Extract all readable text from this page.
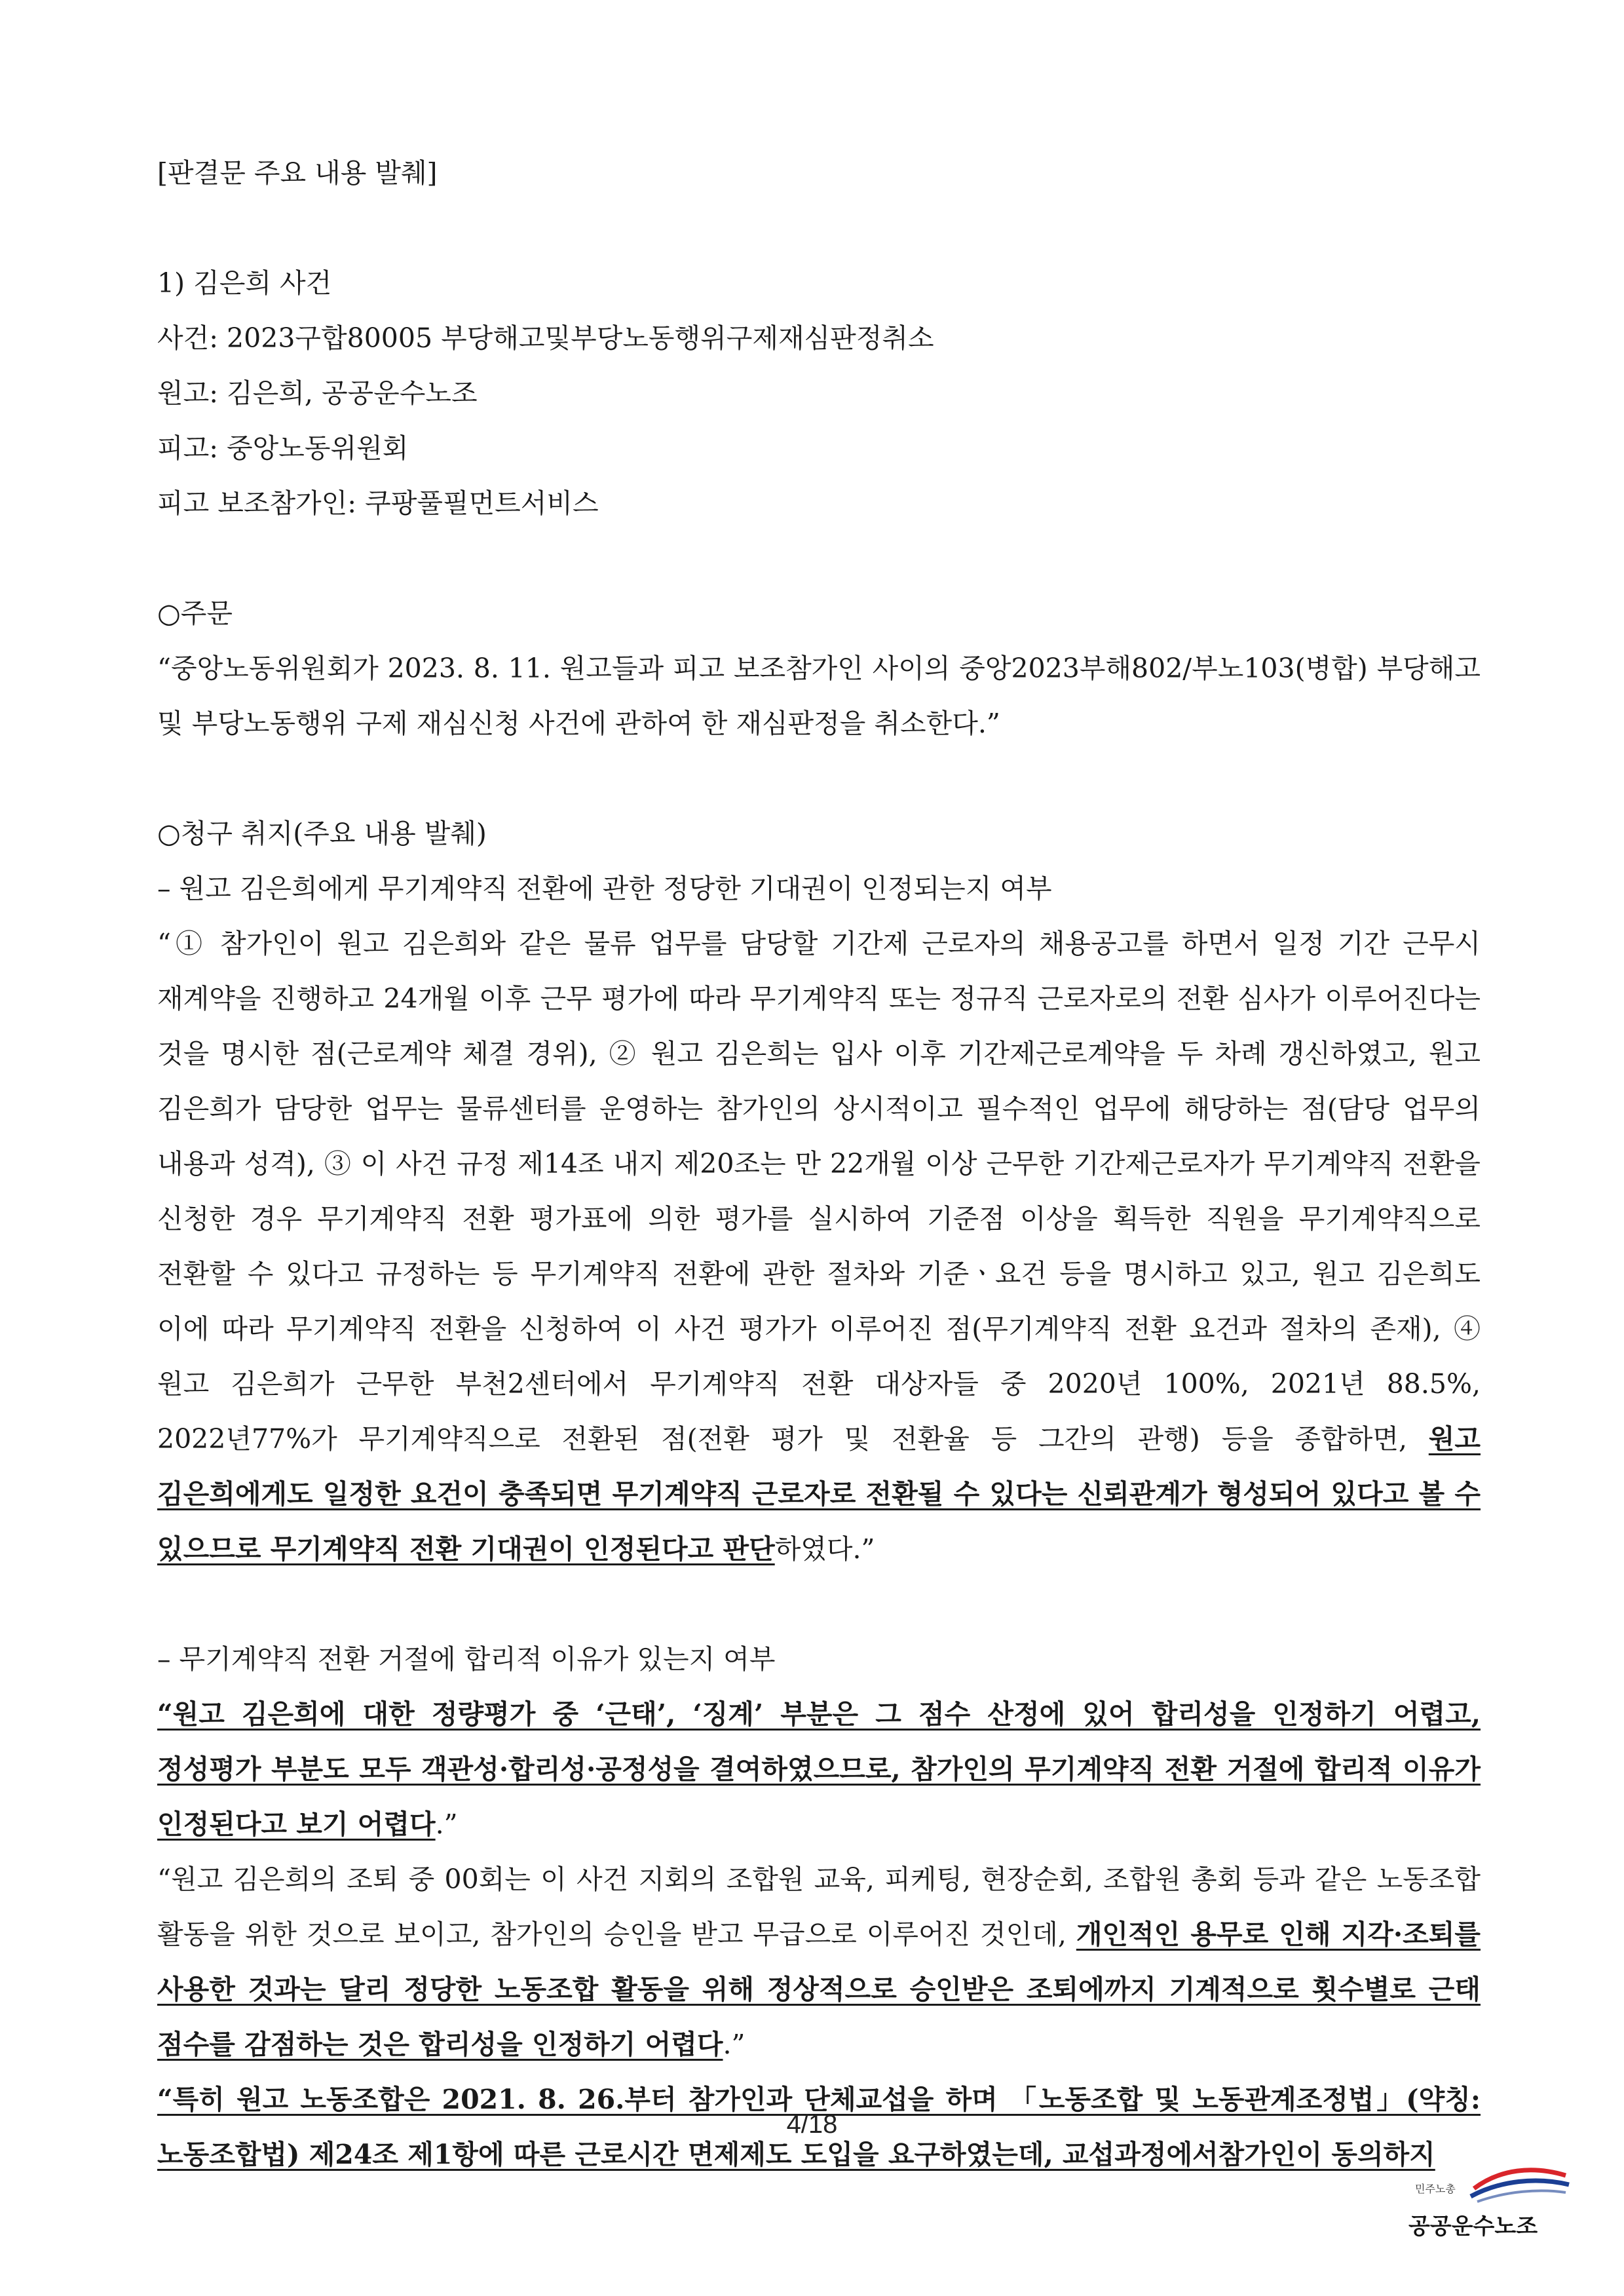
[판결문 주요 내용 발췌]

1) 김은희 사건

사건: 2023구합80005 부당해고및부당노동행위구제재심판정취소

원고: 김은희, 공공운수노조

피고: 중앙노동위원회

피고 보조참가인: 쿠팡풀필먼트서비스

○주문

“중앙노동위원회가 2023. 8. 11. 원고들과 피고 보조참가인 사이의 중앙2023부해802/부노103(병합) 부당해고 및 부당노동행위 구제 재심신청 사건에 관하여 한 재심판정을 취소한다.”

○청구 취지(주요 내용 발췌)

– 원고 김은희에게 무기계약직 전환에 관한 정당한 기대권이 인정되는지 여부

“① 참가인이 원고 김은희와 같은 물류 업무를 담당할 기간제 근로자의 채용공고를 하면서 일정 기간 근무시 재계약을 진행하고 24개월 이후 근무 평가에 따라 무기계약직 또는 정규직 근로자로의 전환 심사가 이루어진다는 것을 명시한 점(근로계약 체결 경위), ② 원고 김은희는 입사 이후 기간제근로계약을 두 차례 갱신하였고, 원고 김은희가 담당한 업무는 물류센터를 운영하는 참가인의 상시적이고 필수적인 업무에 해당하는 점(담당 업무의 내용과 성격), ③ 이 사건 규정 제14조 내지 제20조는 만 22개월 이상 근무한 기간제근로자가 무기계약직 전환을 신청한 경우 무기계약직 전환 평가표에 의한 평가를 실시하여 기준점 이상을 획득한 직원을 무기계약직으로 전환할 수 있다고 규정하는 등 무기계약직 전환에 관한 절차와 기준ㆍ요건 등을 명시하고 있고, 원고 김은희도 이에 따라 무기계약직 전환을 신청하여 이 사건 평가가 이루어진 점(무기계약직 전환 요건과 절차의 존재), ④ 원고 김은희가 근무한 부천2센터에서 무기계약직 전환 대상자들 중 2020년 100%, 2021년 88.5%, 2022년77%가 무기계약직으로 전환된 점(전환 평가 및 전환율 등 그간의 관행) 등을 종합하면, 원고 김은희에게도 일정한 요건이 충족되면 무기계약직 근로자로 전환될 수 있다는 신뢰관계가 형성되어 있다고 볼 수 있으므로 무기계약직 전환 기대권이 인정된다고 판단하였다.”

– 무기계약직 전환 거절에 합리적 이유가 있는지 여부

“원고 김은희에 대한 정량평가 중 ‘근태’, ‘징계’ 부분은 그 점수 산정에 있어 합리성을 인정하기 어렵고, 정성평가 부분도 모두 객관성·합리성·공정성을 결여하였으므로, 참가인의 무기계약직 전환 거절에 합리적 이유가 인정된다고 보기 어렵다.”

“원고 김은희의 조퇴 중 00회는 이 사건 지회의 조합원 교육, 피케팅, 현장순회, 조합원 총회 등과 같은 노동조합 활동을 위한 것으로 보이고, 참가인의 승인을 받고 무급으로 이루어진 것인데, 개인적인 용무로 인해 지각·조퇴를 사용한 것과는 달리 정당한 노동조합 활동을 위해 정상적으로 승인받은 조퇴에까지 기계적으로 횟수별로 근태 점수를 감점하는 것은 합리성을 인정하기 어렵다.”

“특히 원고 노동조합은 2021. 8. 26.부터 참가인과 단체교섭을 하며 「노동조합 및 노동관계조정법」(약칭: 노동조합법) 제24조 제1항에 따른 근로시간 면제제도 도입을 요구하였는데, 교섭과정에서참가인이 동의하지

4/18
민주노총
공공운수노조
